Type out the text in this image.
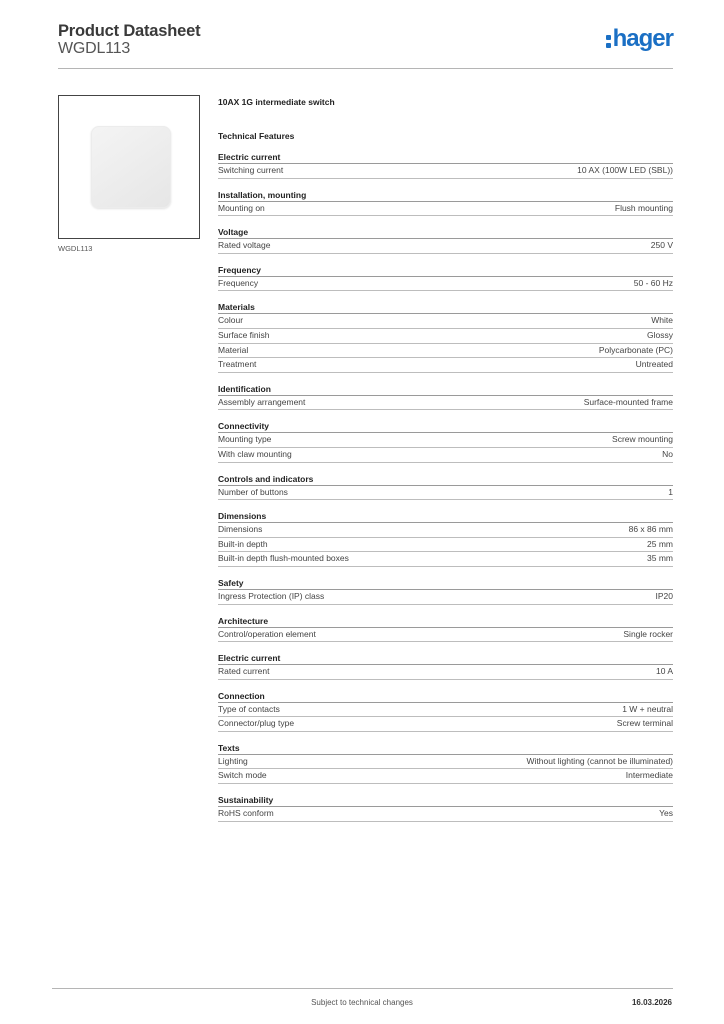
Product Datasheet
WGDL113	hager
WGDL113
10AX 1G intermediate switch
Technical Features
Electric current
Switching current	10 AX (100W LED (SBL))
Installation, mounting
Mounting on	Flush mounting
Voltage
Rated voltage	250 V
Frequency
Frequency	50 - 60 Hz
Materials
Colour	White
Surface finish	Glossy
Material	Polycarbonate (PC)
Treatment	Untreated
Identification
Assembly arrangement	Surface-mounted frame
Connectivity
Mounting type	Screw mounting
With claw mounting	No
Controls and indicators
Number of buttons	1
Dimensions
Dimensions	86 x 86 mm
Built-in depth	25 mm
Built-in depth flush-mounted boxes	35 mm
Safety
Ingress Protection (IP) class	IP20
Architecture
Control/operation element	Single rocker
Electric current
Rated current	10 A
Connection
Type of contacts	1 W + neutral
Connector/plug type	Screw terminal
Texts
Lighting	Without lighting (cannot be illuminated)
Switch mode	Intermediate
Sustainability
RoHS conform	Yes
Subject to technical changes	16.03.2026
